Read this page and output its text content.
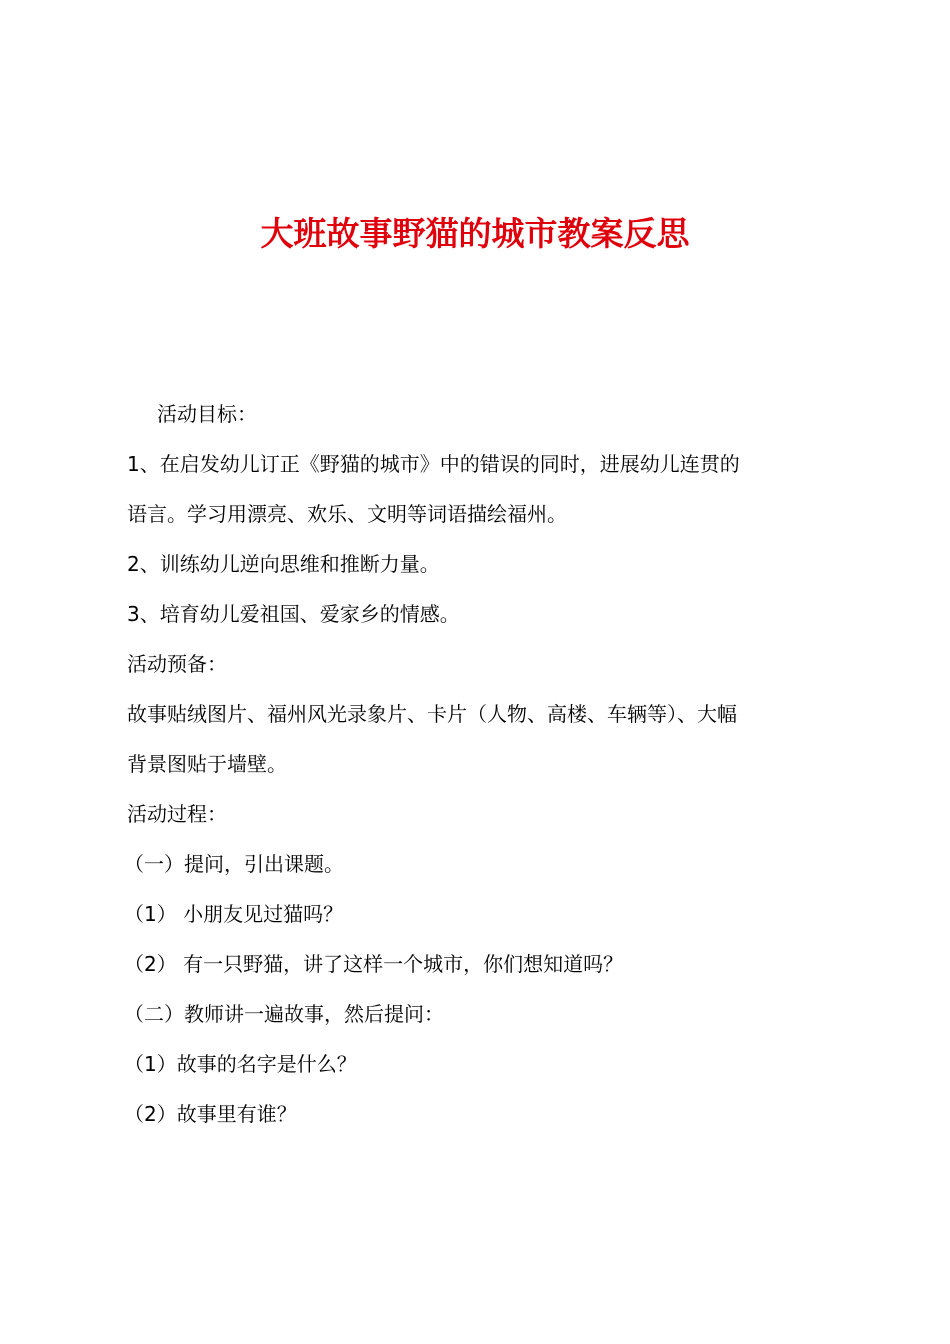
大班故事野猫的城市教案反思
活动目标：
1、在启发幼儿订正《野猫的城市》中的错误的同时，进展幼儿连贯的
语言。学习用漂亮、欢乐、文明等词语描绘福州。
2、训练幼儿逆向思维和推断力量。
3、培育幼儿爱祖国、爱家乡的情感。
活动预备：
故事贴绒图片、福州风光录象片、卡片（人物、高楼、车辆等）、大幅
背景图贴于墙壁。
活动过程：
（一）提问，引出课题。
（1） 小朋友见过猫吗？
（2） 有一只野猫，讲了这样一个城市，你们想知道吗？
（二）教师讲一遍故事，然后提问：
（1）故事的名字是什么？
（2）故事里有谁？
